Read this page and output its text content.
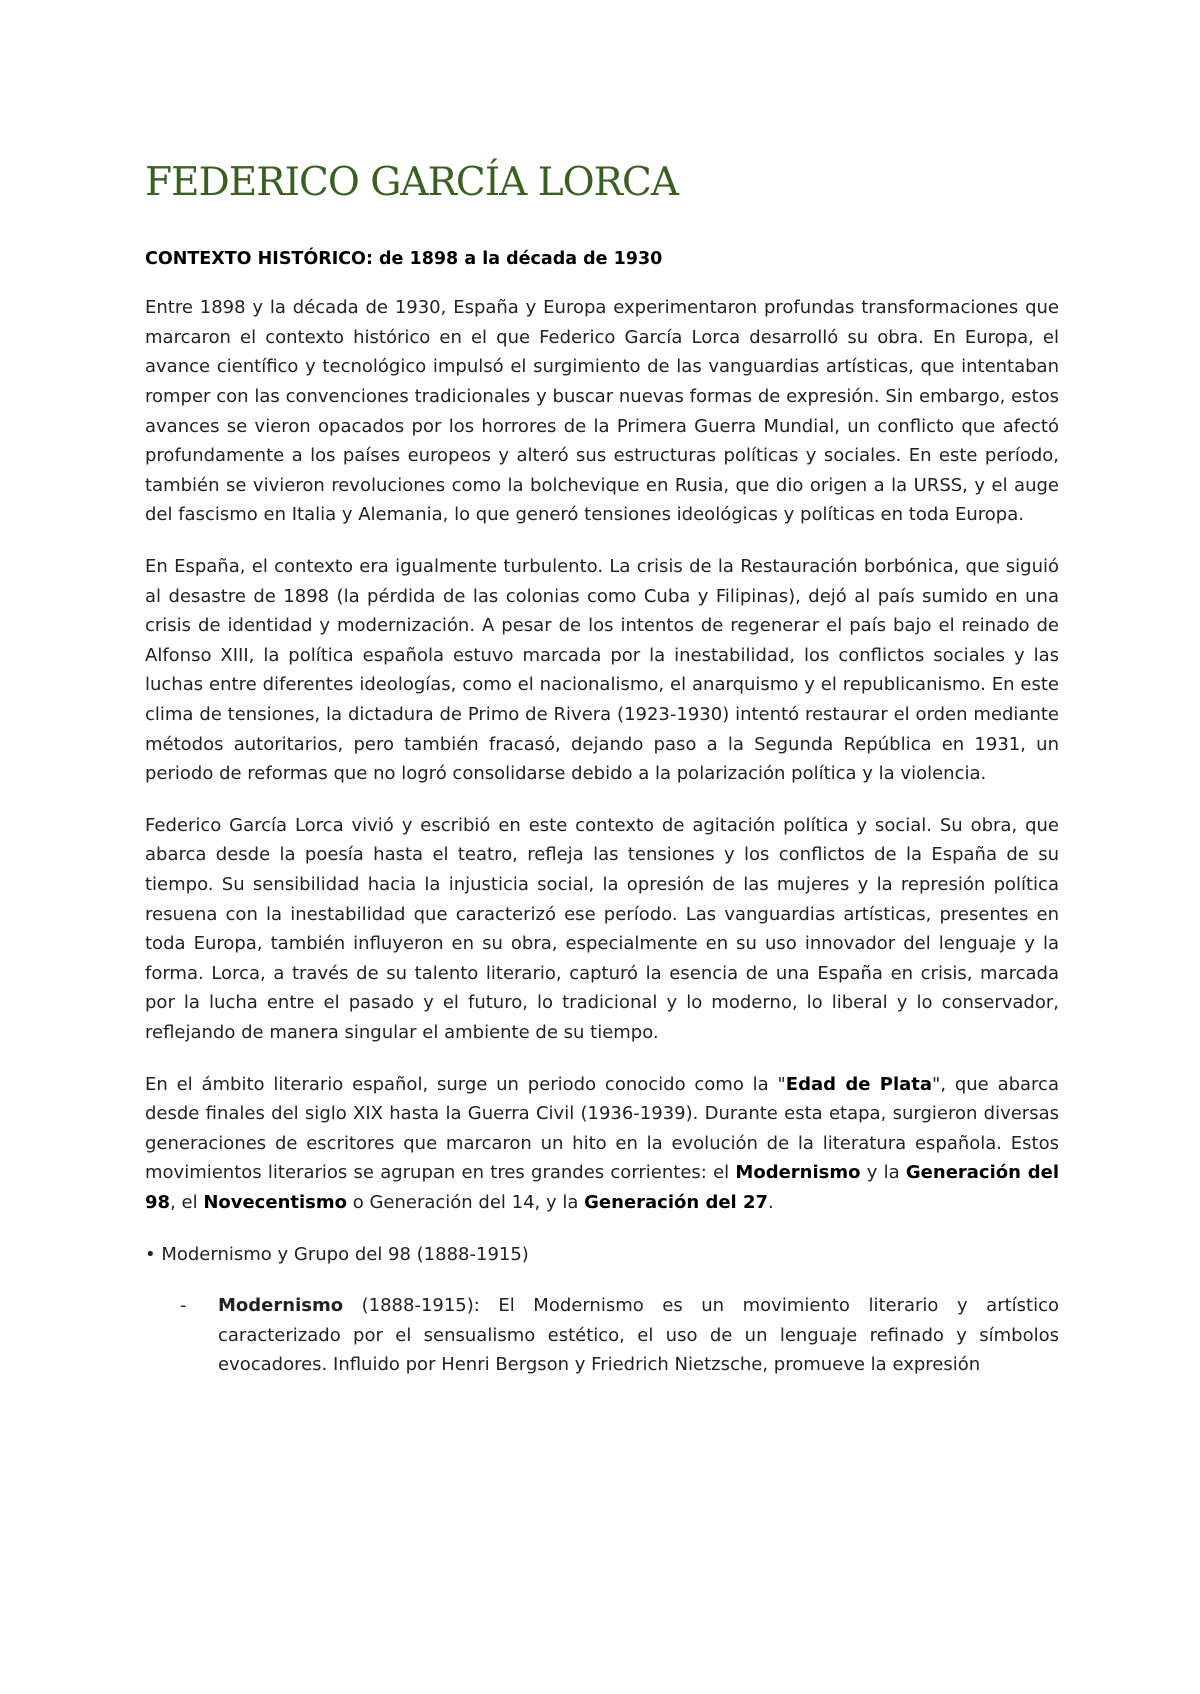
FEDERICO GARCÍA LORCA
CONTEXTO HISTÓRICO: de 1898 a la década de 1930

Entre 1898 y la década de 1930, España y Europa experimentaron profundas transformaciones que marcaron el contexto histórico en el que Federico García Lorca desarrolló su obra. En Europa, el avance científico y tecnológico impulsó el surgimiento de las vanguardias artísticas, que intentaban romper con las convenciones tradicionales y buscar nuevas formas de expresión. Sin embargo, estos avances se vieron opacados por los horrores de la Primera Guerra Mundial, un conflicto que afectó profundamente a los países europeos y alteró sus estructuras políticas y sociales. En este período, también se vivieron revoluciones como la bolchevique en Rusia, que dio origen a la URSS, y el auge del fascismo en Italia y Alemania, lo que generó tensiones ideológicas y políticas en toda Europa.

En España, el contexto era igualmente turbulento. La crisis de la Restauración borbónica, que siguió al desastre de 1898 (la pérdida de las colonias como Cuba y Filipinas), dejó al país sumido en una crisis de identidad y modernización. A pesar de los intentos de regenerar el país bajo el reinado de Alfonso XIII, la política española estuvo marcada por la inestabilidad, los conflictos sociales y las luchas entre diferentes ideologías, como el nacionalismo, el anarquismo y el republicanismo. En este clima de tensiones, la dictadura de Primo de Rivera (1923-1930) intentó restaurar el orden mediante métodos autoritarios, pero también fracasó, dejando paso a la Segunda República en 1931, un periodo de reformas que no logró consolidarse debido a la polarización política y la violencia.

Federico García Lorca vivió y escribió en este contexto de agitación política y social. Su obra, que abarca desde la poesía hasta el teatro, refleja las tensiones y los conflictos de la España de su tiempo. Su sensibilidad hacia la injusticia social, la opresión de las mujeres y la represión política resuena con la inestabilidad que caracterizó ese período. Las vanguardias artísticas, presentes en toda Europa, también influyeron en su obra, especialmente en su uso innovador del lenguaje y la forma. Lorca, a través de su talento literario, capturó la esencia de una España en crisis, marcada por la lucha entre el pasado y el futuro, lo tradicional y lo moderno, lo liberal y lo conservador, reflejando de manera singular el ambiente de su tiempo.

En el ámbito literario español, surge un periodo conocido como la "Edad de Plata", que abarca desde finales del siglo XIX hasta la Guerra Civil (1936-1939). Durante esta etapa, surgieron diversas generaciones de escritores que marcaron un hito en la evolución de la literatura española. Estos movimientos literarios se agrupan en tres grandes corrientes: el Modernismo y la Generación del 98, el Novecentismo o Generación del 14, y la Generación del 27.

• Modernismo y Grupo del 98 (1888-1915)
-	Modernismo (1888-1915): El Modernismo es un movimiento literario y artístico caracterizado por el sensualismo estético, el uso de un lenguaje refinado y símbolos evocadores. Influido por Henri Bergson y Friedrich Nietzsche, promueve la expresión
